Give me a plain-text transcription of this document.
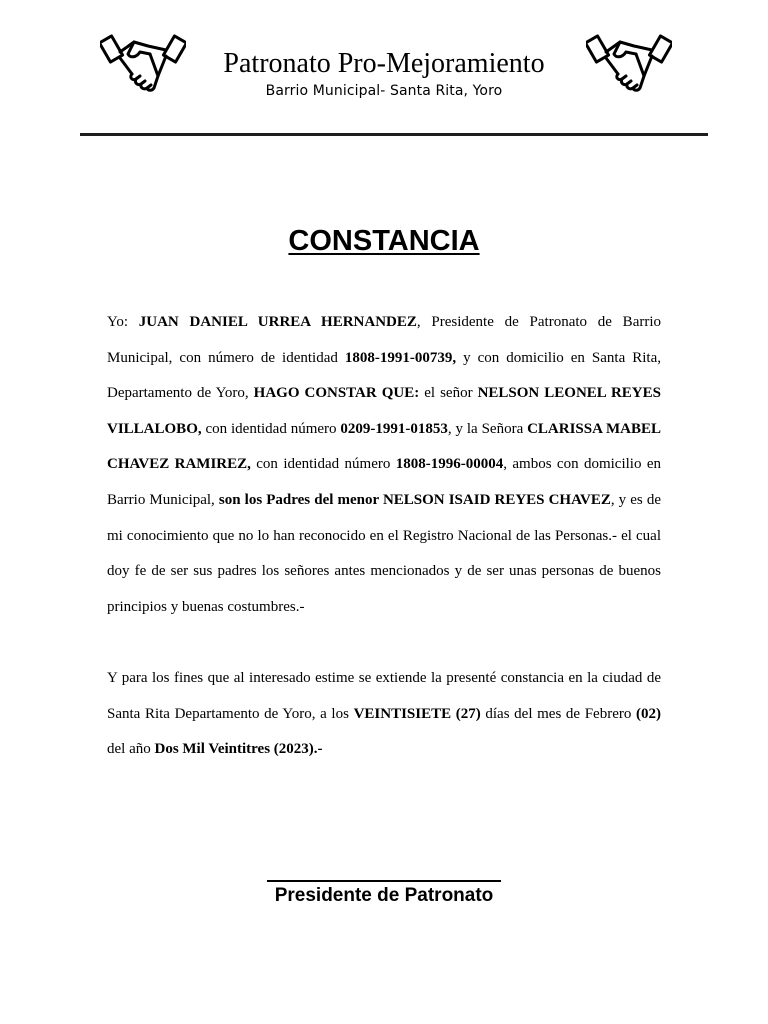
Patronato Pro-Mejoramiento
Barrio Municipal- Santa Rita, Yoro
CONSTANCIA
Yo: JUAN DANIEL URREA HERNANDEZ, Presidente de Patronato de Barrio Municipal, con número de identidad 1808-1991-00739, y con domicilio en Santa Rita, Departamento de Yoro, HAGO CONSTAR QUE: el señor NELSON LEONEL REYES VILLALOBO, con identidad número 0209-1991-01853, y la Señora CLARISSA MABEL CHAVEZ RAMIREZ, con identidad número 1808-1996-00004, ambos con domicilio en Barrio Municipal, son los Padres del menor NELSON ISAID REYES CHAVEZ, y es de mi conocimiento que no lo han reconocido en el Registro Nacional de las Personas.- el cual doy fe de ser sus padres los señores antes mencionados y de ser unas personas de buenos principios y buenas costumbres.-
Y para los fines que al interesado estime se extiende la presenté constancia en la ciudad de Santa Rita Departamento de Yoro, a los VEINTISIETE (27) días del mes de Febrero (02) del año Dos Mil Veintitres (2023).-
Presidente de Patronato
